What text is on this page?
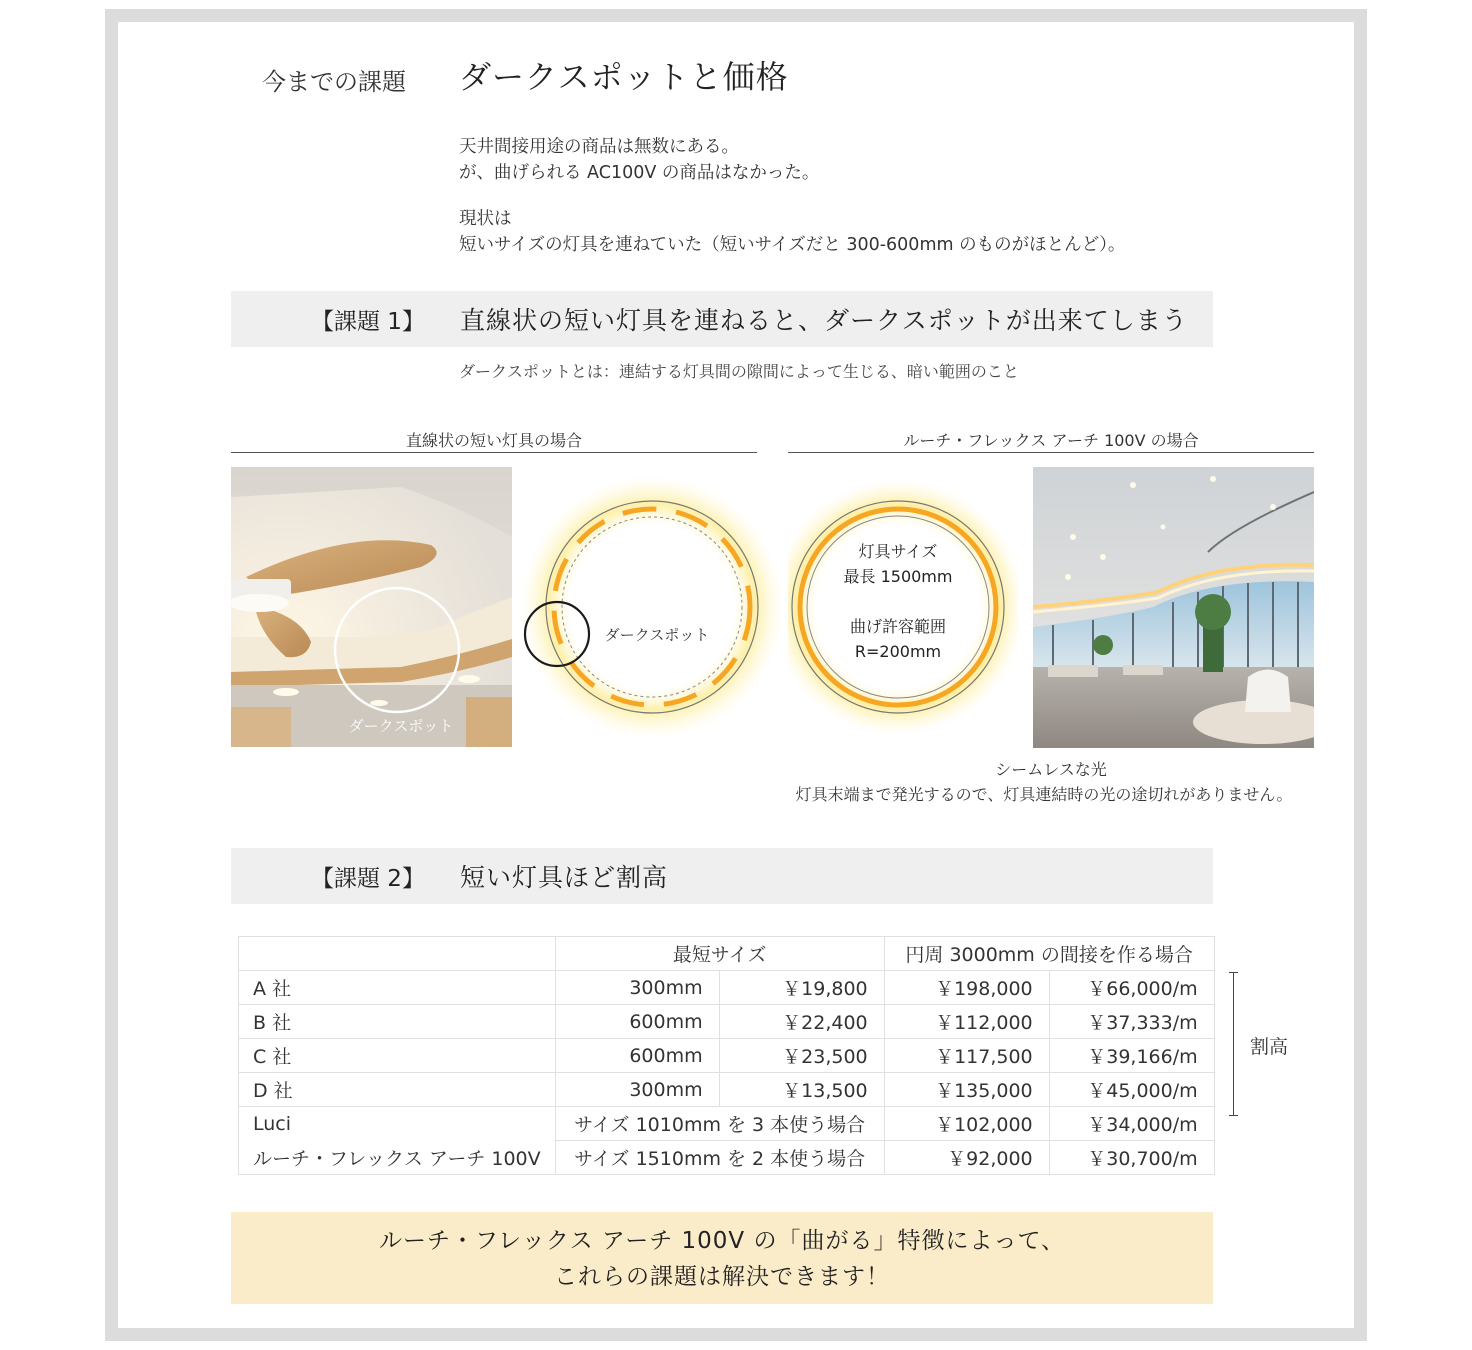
今までの課題 ダークスポットと価格
天井間接用途の商品は無数にある。
が、曲げられる AC100V の商品はなかった。
現状は
短いサイズの灯具を連ねていた（短いサイズだと 300-600mm のものがほとんど）。
【課題 1】 直線状の短い灯具を連ねると、ダークスポットが出来てしまう
ダークスポットとは：連結する灯具間の隙間によって生じる、暗い範囲のこと
直線状の短い灯具の場合	ルーチ・フレックス アーチ 100V の場合
ダークスポット
ダークスポット
灯具サイズ
最長 1500mm
曲げ許容範囲
R=200mm
シームレスな光
灯具末端まで発光するので、灯具連結時の光の途切れがありません。
【課題 2】 短い灯具ほど割高
	最短サイズ		円周 3000mm の間接を作る場合	
A 社	300mm	￥19,800	￥198,000	￥66,000/m
B 社	600mm	￥22,400	￥112,000	￥37,333/m
C 社	600mm	￥23,500	￥117,500	￥39,166/m
D 社	300mm	￥13,500	￥135,000	￥45,000/m
Luci	サイズ 1010mm を 3 本使う場合		￥102,000	￥34,000/m
ルーチ・フレックス アーチ 100V	サイズ 1510mm を 2 本使う場合		￥92,000	￥30,700/m
割高
ルーチ・フレックス アーチ 100V の「曲がる」特徴によって、
これらの課題は解決できます！
